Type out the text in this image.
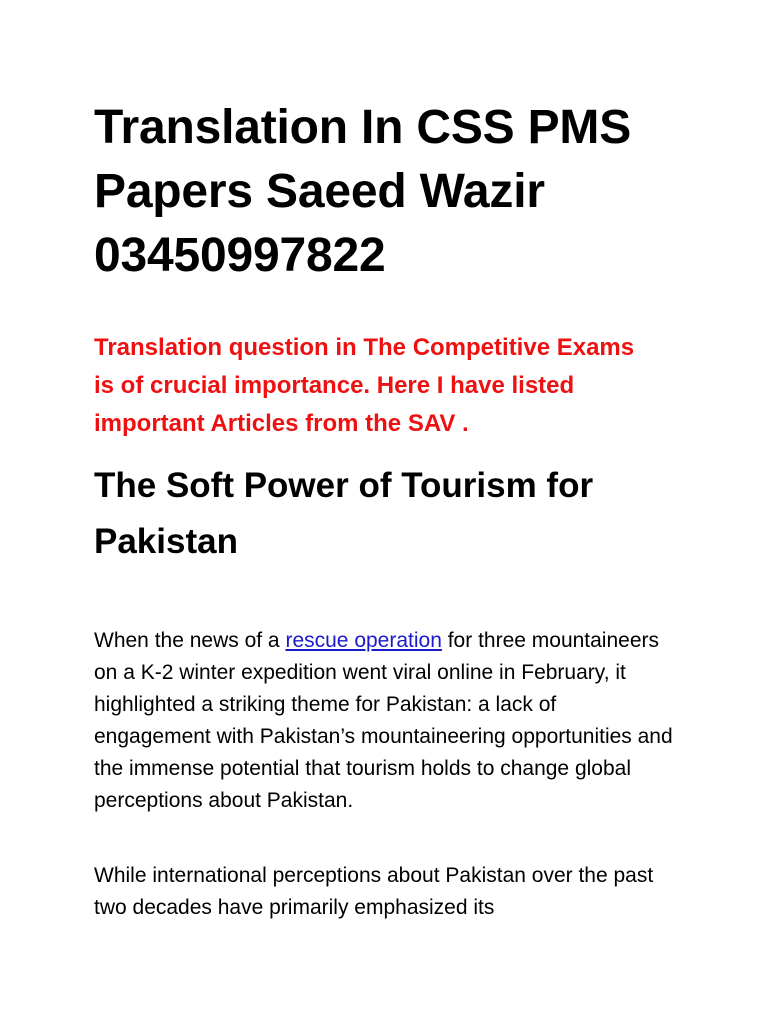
Translation In CSS PMS Papers Saeed Wazir 03450997822

Translation question in The Competitive Exams is of crucial importance. Here I have listed important Articles from the SAV .

The Soft Power of Tourism for Pakistan

When the news of a rescue operation for three mountaineers on a K-2 winter expedition went viral online in February, it highlighted a striking theme for Pakistan: a lack of engagement with Pakistan’s mountaineering opportunities and the immense potential that tourism holds to change global perceptions about Pakistan.

While international perceptions about Pakistan over the past two decades have primarily emphasized its
